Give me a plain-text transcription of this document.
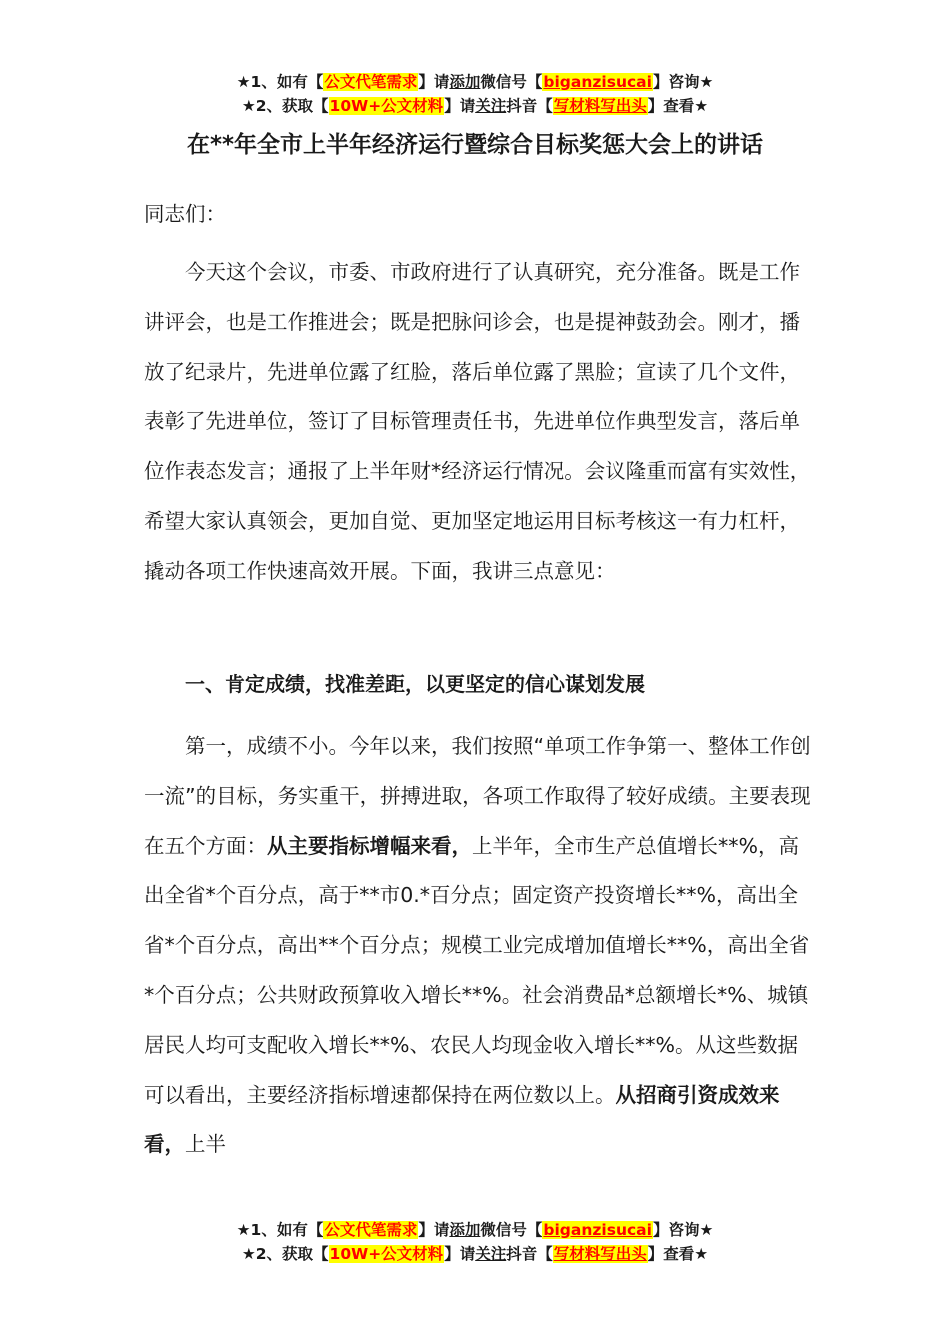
★1、如有【公文代笔需求】请添加微信号【biganzisucai】咨询★
★2、获取【10W+公文材料】请关注抖音【写材料写出头】查看★
在**年全市上半年经济运行暨综合目标奖惩大会上的讲话

同志们：

今天这个会议，市委、市政府进行了认真研究，充分准备。既是工作讲评会，也是工作推进会；既是把脉问诊会，也是提神鼓劲会。刚才，播放了纪录片，先进单位露了红脸，落后单位露了黑脸；宣读了几个文件，表彰了先进单位，签订了目标管理责任书，先进单位作典型发言，落后单位作表态发言；通报了上半年财*经济运行情况。会议隆重而富有实效性，希望大家认真领会，更加自觉、更加坚定地运用目标考核这一有力杠杆，撬动各项工作快速高效开展。下面，我讲三点意见：

一、肯定成绩，找准差距，以更坚定的信心谋划发展

第一，成绩不小。今年以来，我们按照“单项工作争第一、整体工作创一流”的目标，务实重干，拼搏进取，各项工作取得了较好成绩。主要表现在五个方面：从主要指标增幅来看，上半年，全市生产总值增长**%，高出全省*个百分点，高于**市0.*百分点；固定资产投资增长**%，高出全省*个百分点，高出**个百分点；规模工业完成增加值增长**%，高出全省*个百分点；公共财政预算收入增长**%。社会消费品*总额增长*%、城镇居民人均可支配收入增长**%、农民人均现金收入增长**%。从这些数据可以看出，主要经济指标增速都保持在两位数以上。从招商引资成效来看，上半

★1、如有【公文代笔需求】请添加微信号【biganzisucai】咨询★
★2、获取【10W+公文材料】请关注抖音【写材料写出头】查看★
